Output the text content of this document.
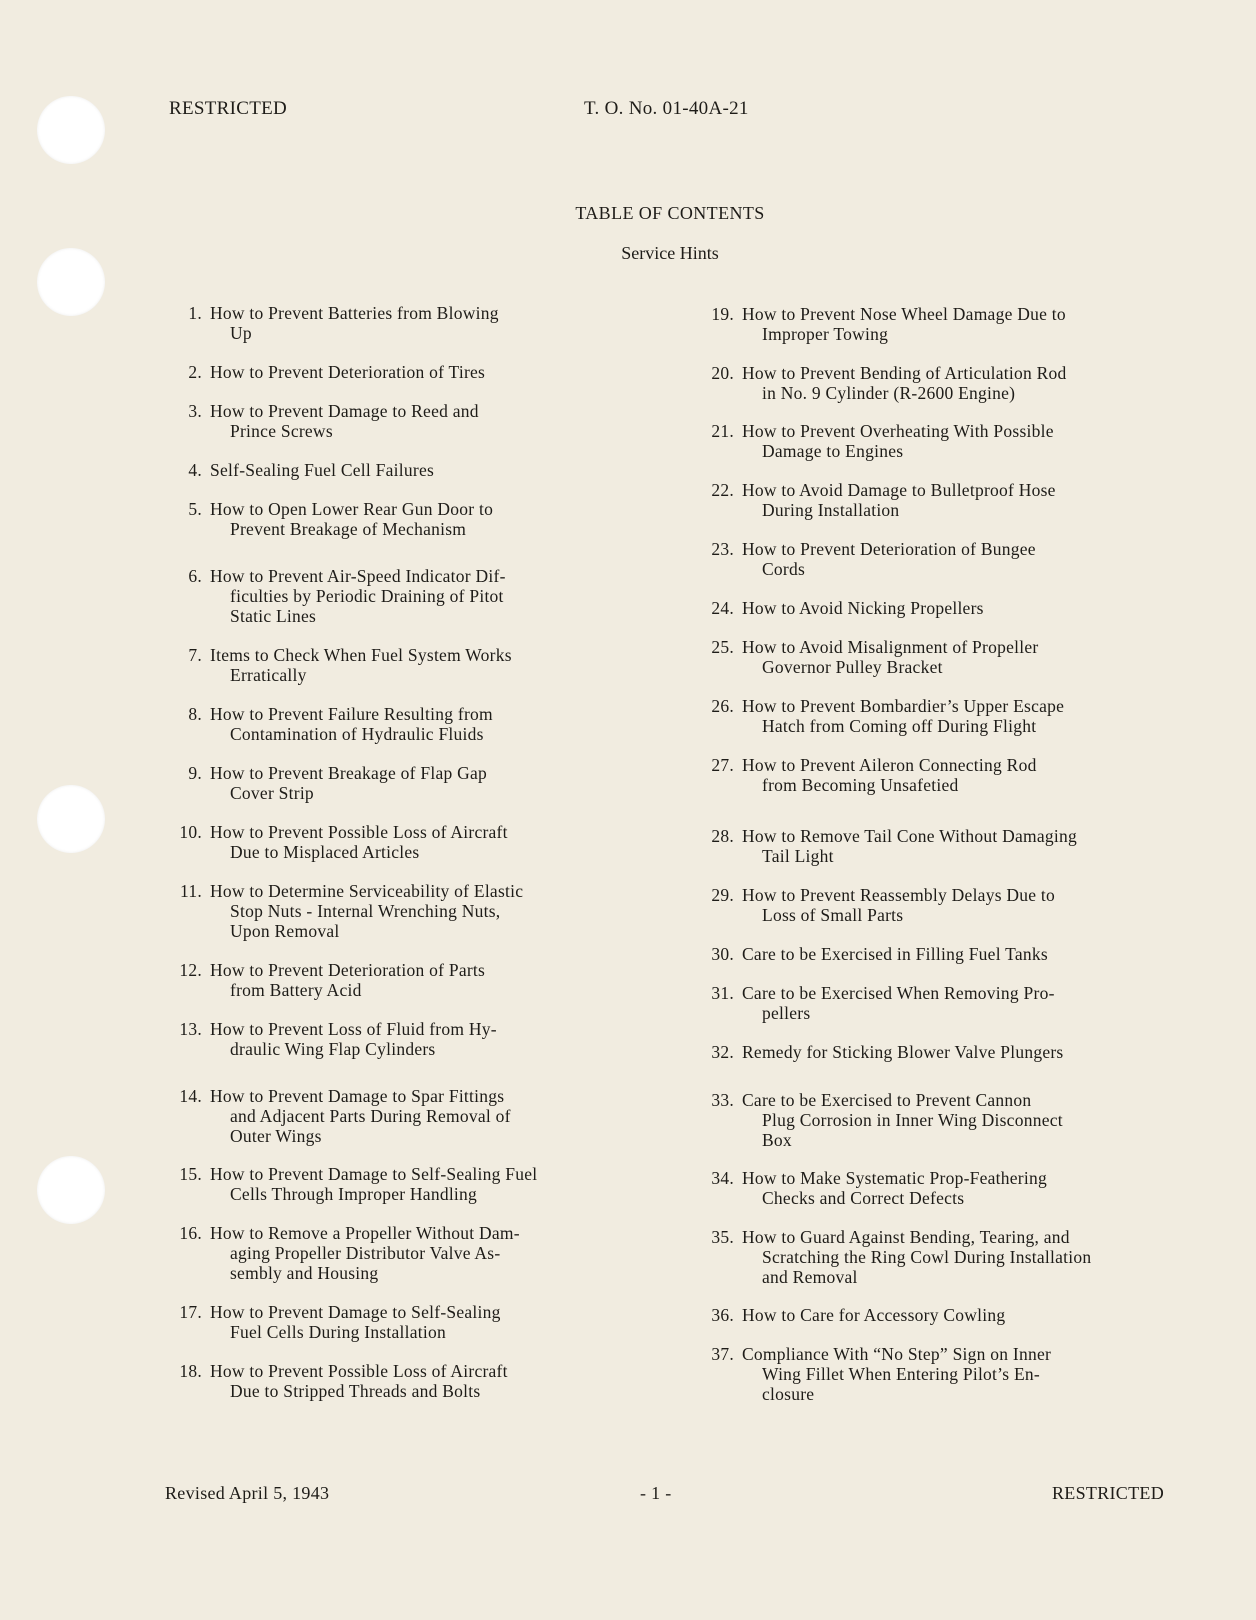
RESTRICTED	T. O. No. 01-40A-21
TABLE OF CONTENTS
Service Hints
1. How to Prevent Batteries from Blowing
Up
2. How to Prevent Deterioration of Tires
3. How to Prevent Damage to Reed and
Prince Screws
4. Self-Sealing Fuel Cell Failures
5. How to Open Lower Rear Gun Door to
Prevent Breakage of Mechanism
6. How to Prevent Air-Speed Indicator Dif-
ficulties by Periodic Draining of Pitot
Static Lines
7. Items to Check When Fuel System Works
Erratically
8. How to Prevent Failure Resulting from
Contamination of Hydraulic Fluids
9. How to Prevent Breakage of Flap Gap
Cover Strip
10. How to Prevent Possible Loss of Aircraft
Due to Misplaced Articles
11. How to Determine Serviceability of Elastic
Stop Nuts - Internal Wrenching Nuts,
Upon Removal
12. How to Prevent Deterioration of Parts
from Battery Acid
13. How to Prevent Loss of Fluid from Hy-
draulic Wing Flap Cylinders
14. How to Prevent Damage to Spar Fittings
and Adjacent Parts During Removal of
Outer Wings
15. How to Prevent Damage to Self-Sealing Fuel
Cells Through Improper Handling
16. How to Remove a Propeller Without Dam-
aging Propeller Distributor Valve As-
sembly and Housing
17. How to Prevent Damage to Self-Sealing
Fuel Cells During Installation
18. How to Prevent Possible Loss of Aircraft
Due to Stripped Threads and Bolts
19. How to Prevent Nose Wheel Damage Due to
Improper Towing
20. How to Prevent Bending of Articulation Rod
in No. 9 Cylinder (R-2600 Engine)
21. How to Prevent Overheating With Possible
Damage to Engines
22. How to Avoid Damage to Bulletproof Hose
During Installation
23. How to Prevent Deterioration of Bungee
Cords
24. How to Avoid Nicking Propellers
25. How to Avoid Misalignment of Propeller
Governor Pulley Bracket
26. How to Prevent Bombardier’s Upper Escape
Hatch from Coming off During Flight
27. How to Prevent Aileron Connecting Rod
from Becoming Unsafetied
28. How to Remove Tail Cone Without Damaging
Tail Light
29. How to Prevent Reassembly Delays Due to
Loss of Small Parts
30. Care to be Exercised in Filling Fuel Tanks
31. Care to be Exercised When Removing Pro-
pellers
32. Remedy for Sticking Blower Valve Plungers
33. Care to be Exercised to Prevent Cannon
Plug Corrosion in Inner Wing Disconnect
Box
34. How to Make Systematic Prop-Feathering
Checks and Correct Defects
35. How to Guard Against Bending, Tearing, and
Scratching the Ring Cowl During Installation
and Removal
36. How to Care for Accessory Cowling
37. Compliance With “No Step” Sign on Inner
Wing Fillet When Entering Pilot’s En-
closure
Revised April 5, 1943	- 1 -	RESTRICTED
